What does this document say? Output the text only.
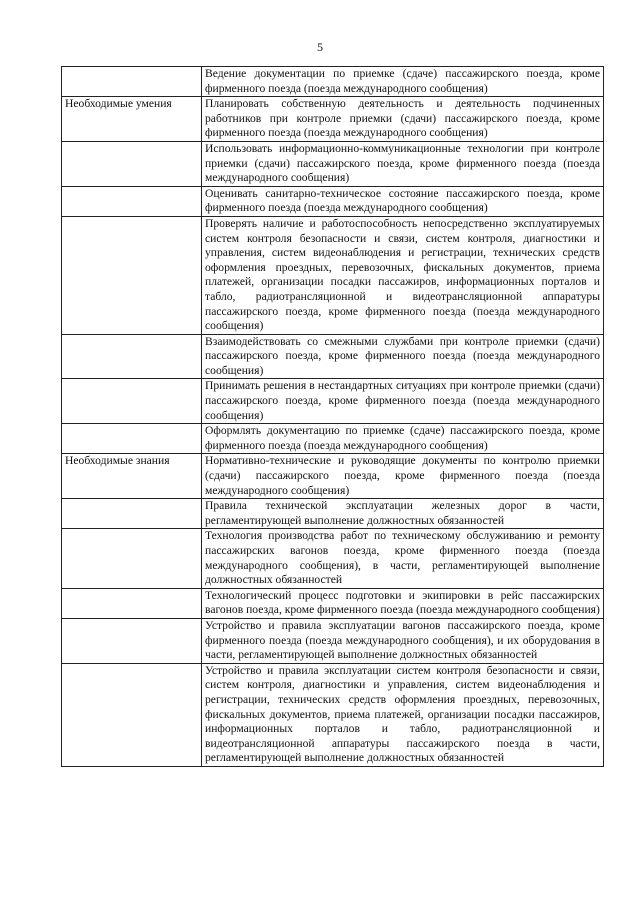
5

	Ведение документации по приемке (сдаче) пассажирского поезда, кроме фирменного поезда (поезда международного сообщения)

Необходимые умения	Планировать собственную деятельность и деятельность подчиненных работников при контроле приемки (сдачи) пассажирского поезда, кроме фирменного поезда (поезда международного сообщения)

	Использовать информационно-коммуникационные технологии при контроле приемки (сдачи) пассажирского поезда, кроме фирменного поезда (поезда международного сообщения)

	Оценивать санитарно-техническое состояние пассажирского поезда, кроме фирменного поезда (поезда международного сообщения)

	Проверять наличие и работоспособность непосредственно эксплуатируемых систем контроля безопасности и связи, систем контроля, диагностики и управления, систем видеонаблюдения и регистрации, технических средств оформления проездных, перевозочных, фискальных документов, приема платежей, организации посадки пассажиров, информационных порталов и табло, радиотрансляционной и видеотрансляционной аппаратуры пассажирского поезда, кроме фирменного поезда (поезда международного сообщения)

	Взаимодействовать со смежными службами при контроле приемки (сдачи) пассажирского поезда, кроме фирменного поезда (поезда международного сообщения)

	Принимать решения в нестандартных ситуациях при контроле приемки (сдачи) пассажирского поезда, кроме фирменного поезда (поезда международного сообщения)

	Оформлять документацию по приемке (сдаче) пассажирского поезда, кроме фирменного поезда (поезда международного сообщения)

Необходимые знания	Нормативно-технические и руководящие документы по контролю приемки (сдачи) пассажирского поезда, кроме фирменного поезда (поезда международного сообщения)

	Правила технической эксплуатации железных дорог в части, регламентирующей выполнение должностных обязанностей

	Технология производства работ по техническому обслуживанию и ремонту пассажирских вагонов поезда, кроме фирменного поезда (поезда международного сообщения), в части, регламентирующей выполнение должностных обязанностей

	Технологический процесс подготовки и экипировки в рейс пассажирских вагонов поезда, кроме фирменного поезда (поезда международного сообщения)

	Устройство и правила эксплуатации вагонов пассажирского поезда, кроме фирменного поезда (поезда международного сообщения), и их оборудования в части, регламентирующей выполнение должностных обязанностей

	Устройство и правила эксплуатации систем контроля безопасности и связи, систем контроля, диагностики и управления, систем видеонаблюдения и регистрации, технических средств оформления проездных, перевозочных, фискальных документов, приема платежей, организации посадки пассажиров, информационных порталов и табло, радиотрансляционной и видеотрансляционной аппаратуры пассажирского поезда в части, регламентирующей выполнение должностных обязанностей
